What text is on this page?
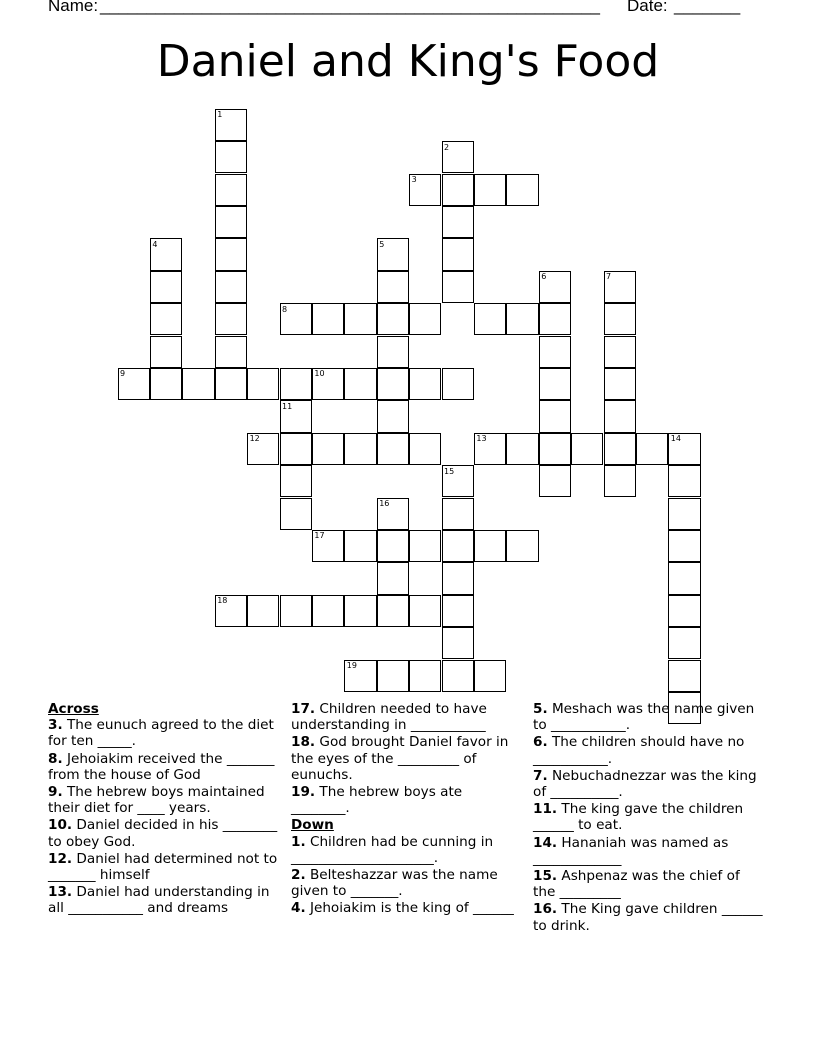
Name: ______________________________________________________ Date: _______
Daniel and King's Food
1
2
3
4	5
6	7
8
9	10
11
12	13	14
15
16
17
18
19
Across
3. The eunuch agreed to the diet for ten _____.
8. Jehoiakim received the _______ from the house of God
9. The hebrew boys maintained their diet for ____ years.
10. Daniel decided in his ________ to obey God.
12. Daniel had determined not to _______ himself
13. Daniel had understanding in all ___________ and dreams
17. Children needed to have understanding in ___________
18. God brought Daniel favor in the eyes of the _________ of eunuchs.
19. The hebrew boys ate ________.
Down
1. Children had be cunning in _____________________.
2. Belteshazzar was the name given to _______.
4. Jehoiakim is the king of ______
5. Meshach was the name given to ___________.
6. The children should have no ___________.
7. Nebuchadnezzar was the king of __________.
11. The king gave the children ______ to eat.
14. Hananiah was named as _____________
15. Ashpenaz was the chief of the _________
16. The King gave children ______ to drink.
